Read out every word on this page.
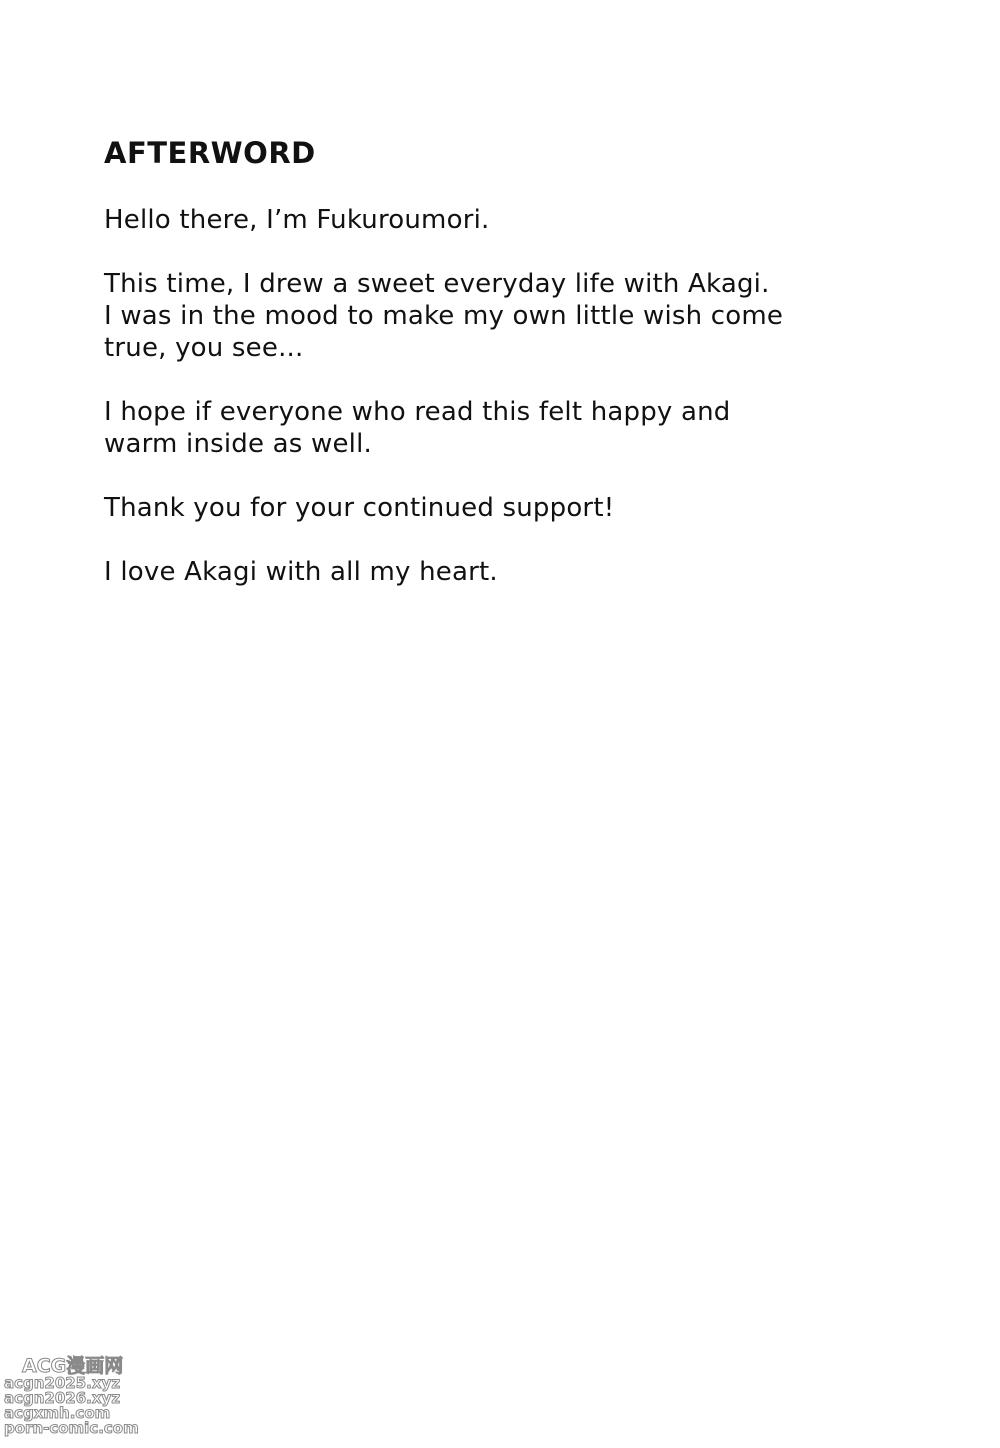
AFTERWORD

Hello there, I’m Fukuroumori.

This time, I drew a sweet everyday life with Akagi.
I was in the mood to make my own little wish come
true, you see...

I hope if everyone who read this felt happy and
warm inside as well.

Thank you for your continued support!

I love Akagi with all my heart.

ACG漫画网
acgn2025.xyz
acgn2026.xyz
acgxmh.com
porn-comic.com
